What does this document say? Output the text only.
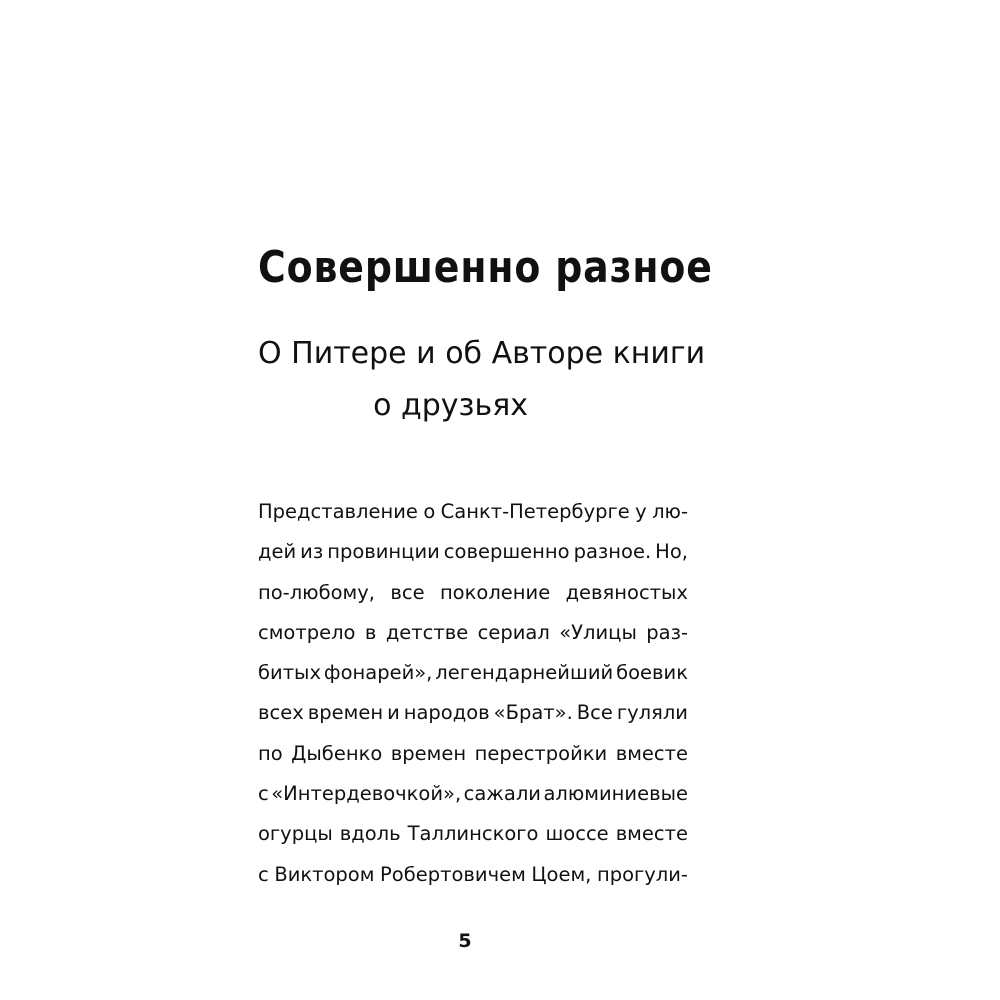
Совершенно разное
О Питере и об Авторе книги
о друзьях
Представление о Санкт-Петербурге у лю-
дей из провинции совершенно разное. Но,
по-любому, все поколение девяностых
смотрело в детстве сериал «Улицы раз-
битых фонарей», легендарнейший боевик
всех времен и народов «Брат». Все гуляли
по Дыбенко времен перестройки вместе
с «Интердевочкой», сажали алюминиевые
огурцы вдоль Таллинского шоссе вместе
с Виктором Робертовичем Цоем, прогули-
5
